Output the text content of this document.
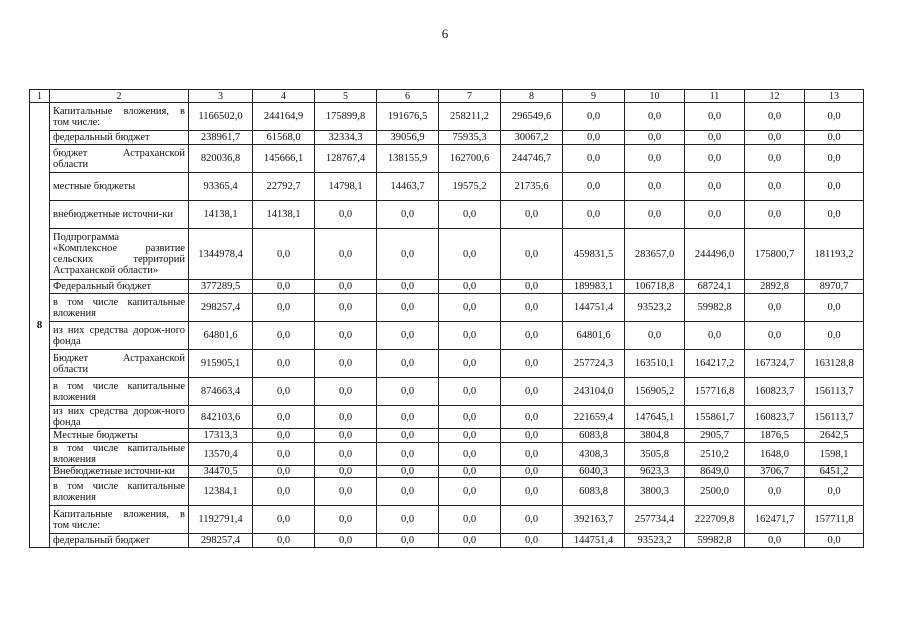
6
1	2	3	4	5	6	7	8	9	10	11	12	13
8	Капитальные вложения, в том числе:	1166502,0	244164,9	175899,8	191676,5	258211,2	296549,6	0,0	0,0	0,0	0,0	0,0
	федеральный бюджет	238961,7	61568,0	32334,3	39056,9	75935,3	30067,2	0,0	0,0	0,0	0,0	0,0
	бюджет Астраханской области	820036,8	145666,1	128767,4	138155,9	162700,6	244746,7	0,0	0,0	0,0	0,0	0,0
	местные бюджеты	93365,4	22792,7	14798,1	14463,7	19575,2	21735,6	0,0	0,0	0,0	0,0	0,0
	внебюджетные источни-ки	14138,1	14138,1	0,0	0,0	0,0	0,0	0,0	0,0	0,0	0,0	0,0
	Подпрограмма «Комплексное развитие сельских территорий Астраханской области»	1344978,4	0,0	0,0	0,0	0,0	0,0	459831,5	283657,0	244496,0	175800,7	181193,2
	Федеральный бюджет	377289,5	0,0	0,0	0,0	0,0	0,0	189983,1	106718,8	68724,1	2892,8	8970,7
	в том числе капитальные вложения	298257,4	0,0	0,0	0,0	0,0	0,0	144751,4	93523,2	59982,8	0,0	0,0
	из них средства дорож-ного фонда	64801,6	0,0	0,0	0,0	0,0	0,0	64801,6	0,0	0,0	0,0	0,0
	Бюджет Астраханской области	915905,1	0,0	0,0	0,0	0,0	0,0	257724,3	163510,1	164217,2	167324,7	163128,8
	в том числе капитальные вложения	874663,4	0,0	0,0	0,0	0,0	0,0	243104,0	156905,2	157716,8	160823,7	156113,7
	из них средства дорож-ного фонда	842103,6	0,0	0,0	0,0	0,0	0,0	221659,4	147645,1	155861,7	160823,7	156113,7
	Местные бюджеты	17313,3	0,0	0,0	0,0	0,0	0,0	6083,8	3804,8	2905,7	1876,5	2642,5
	в том числе капитальные вложения	13570,4	0,0	0,0	0,0	0,0	0,0	4308,3	3505,8	2510,2	1648,0	1598,1
	Внебюджетные источни-ки	34470,5	0,0	0,0	0,0	0,0	0,0	6040,3	9623,3	8649,0	3706,7	6451,2
	в том числе капитальные вложения	12384,1	0,0	0,0	0,0	0,0	0,0	6083,8	3800,3	2500,0	0,0	0,0
	Капитальные вложения, в том числе:	1192791,4	0,0	0,0	0,0	0,0	0,0	392163,7	257734,4	222709,8	162471,7	157711,8
	федеральный бюджет	298257,4	0,0	0,0	0,0	0,0	0,0	144751,4	93523,2	59982,8	0,0	0,0
